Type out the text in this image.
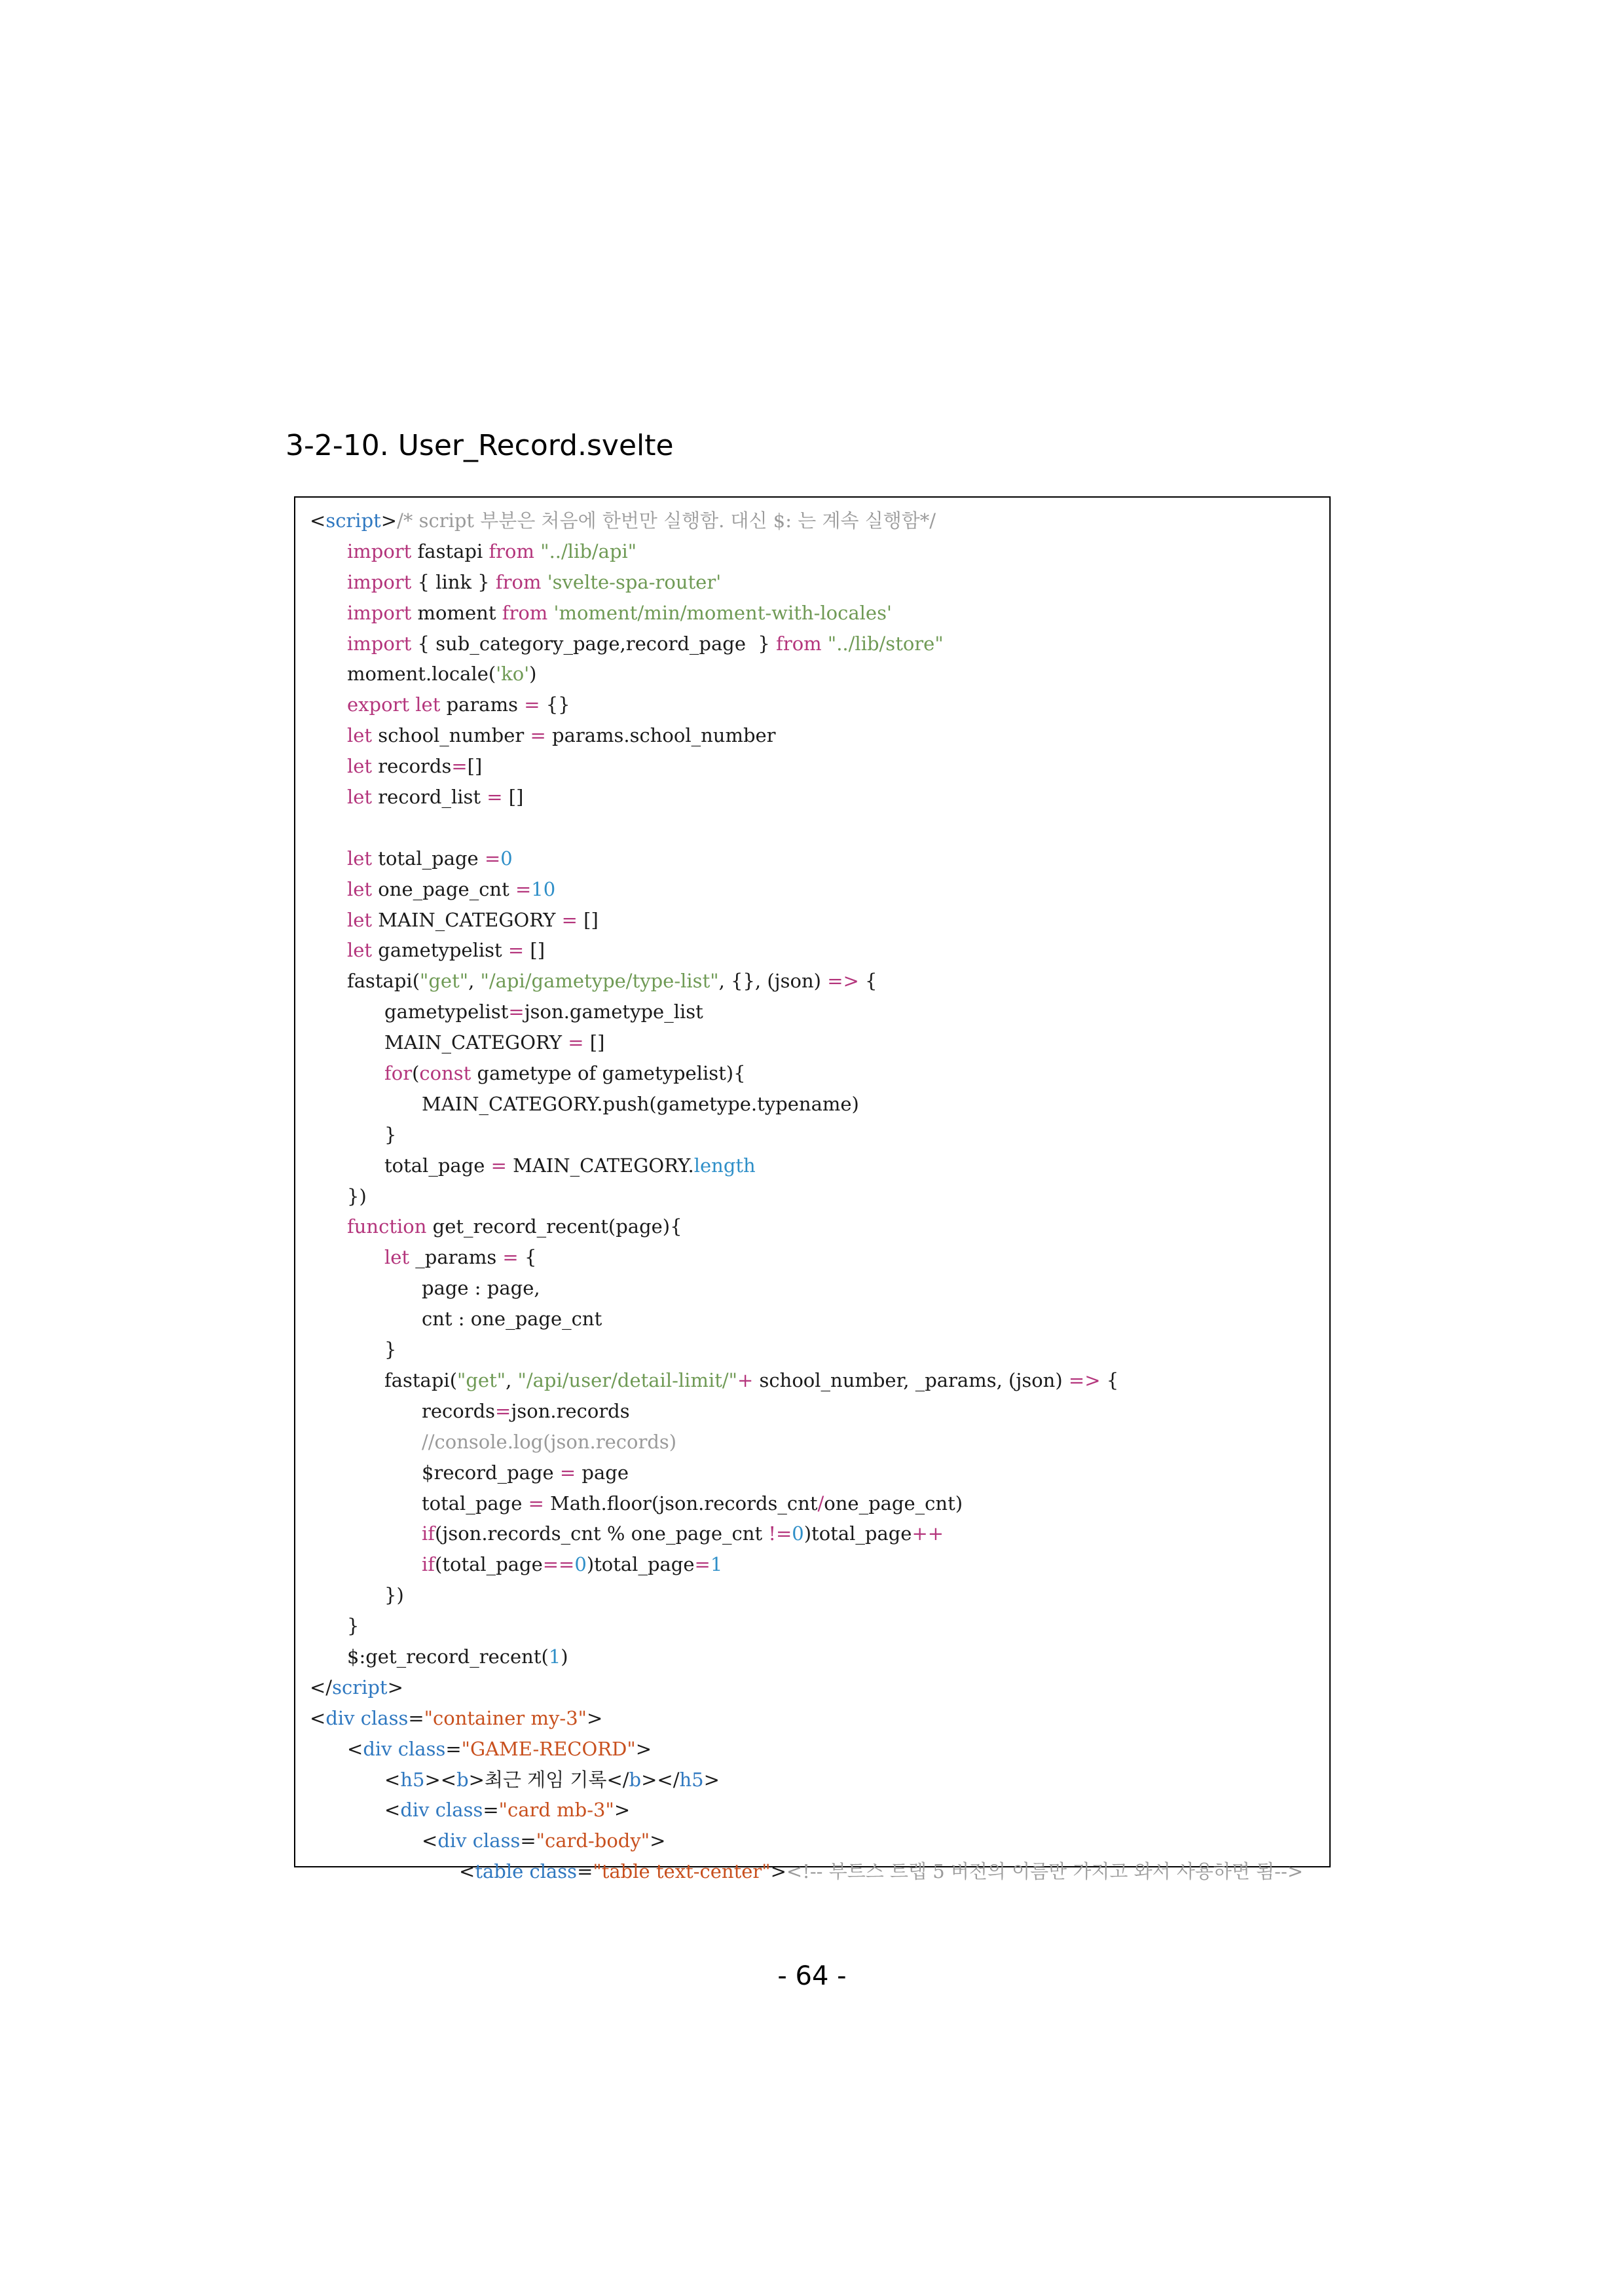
3-2-10. User_Record.svelte
<script>/* script 부분은 처음에 한번만 실행함. 대신 $: 는 계속 실행함*/
import fastapi from "../lib/api"
import { link } from 'svelte-spa-router'
import moment from 'moment/min/moment-with-locales'
import { sub_category_page,record_page  } from "../lib/store"
moment.locale('ko')
export let params = {}
let school_number = params.school_number
let records=[]
let record_list = []
let total_page =0
let one_page_cnt =10
let MAIN_CATEGORY = []
let gametypelist = []
fastapi("get", "/api/gametype/type-list", {}, (json) => {
gametypelist=json.gametype_list
MAIN_CATEGORY = []
for(const gametype of gametypelist){
MAIN_CATEGORY.push(gametype.typename)
}
total_page = MAIN_CATEGORY.length
})
function get_record_recent(page){
let _params = {
page : page,
cnt : one_page_cnt
}
fastapi("get", "/api/user/detail-limit/"+ school_number, _params, (json) => {
records=json.records
//console.log(json.records)
$record_page = page
total_page = Math.floor(json.records_cnt/one_page_cnt)
if(json.records_cnt % one_page_cnt !=0)total_page++
if(total_page==0)total_page=1
})
}
$:get_record_recent(1)
</script>
<div class="container my-3">
<div class="GAME-RECORD">
<h5><b>최근 게임 기록</b></h5>
<div class="card mb-3">
<div class="card-body">
<table class="table text-center"><!-- 부트스 트랩 5 버전의 이름만 가지고 와서 사용하면 됨-->
- 64 -
